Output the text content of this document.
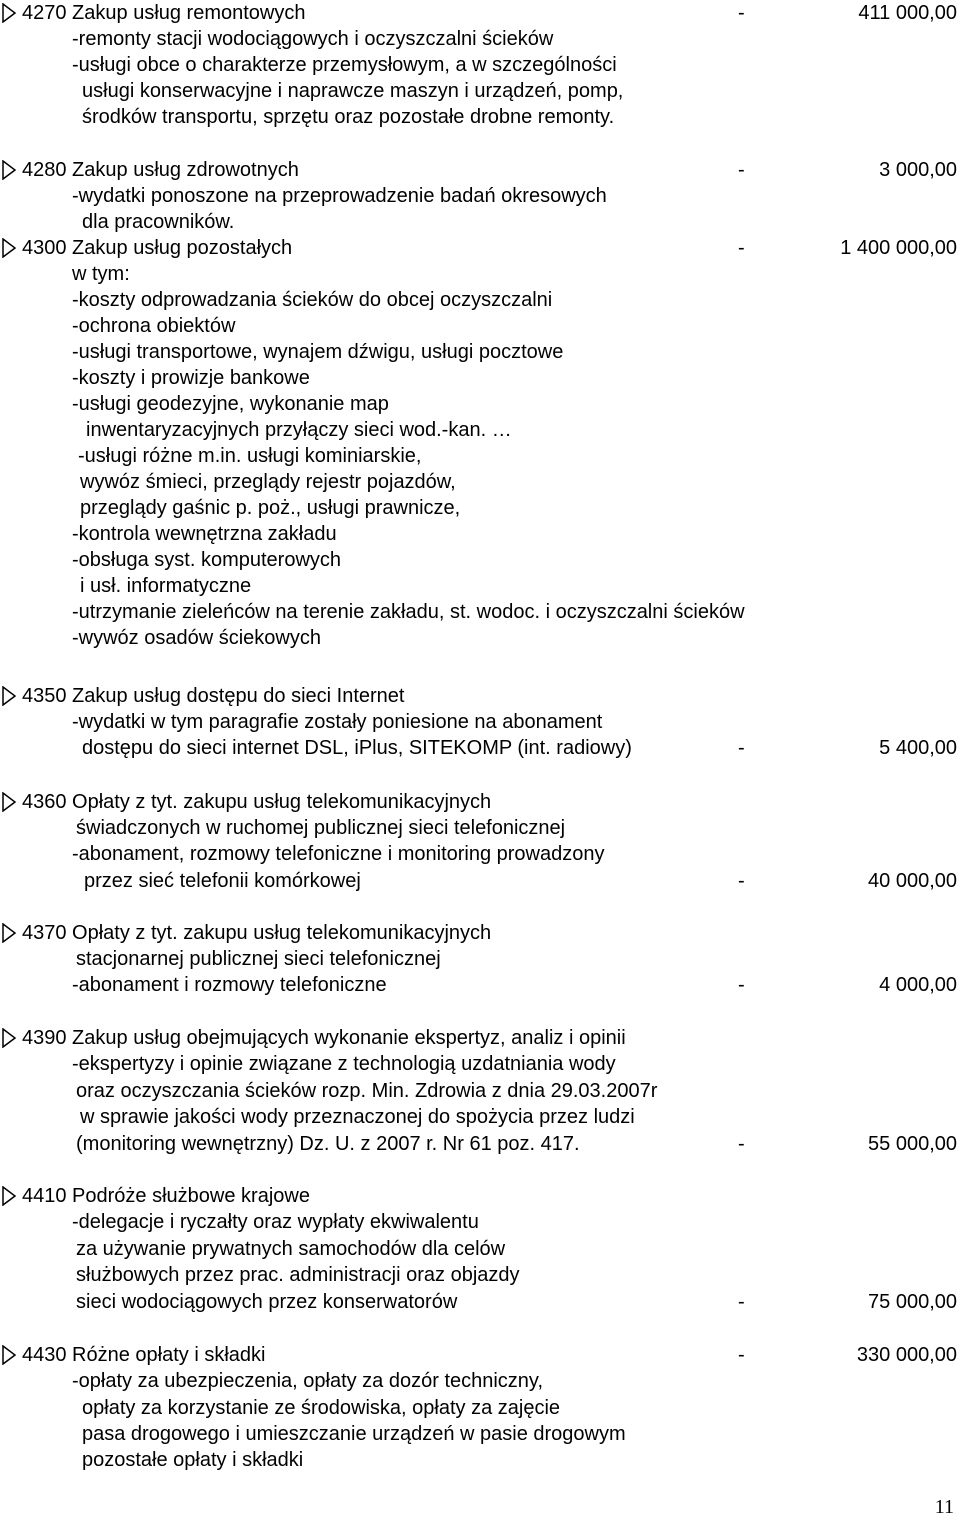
4270 Zakup usług remontowych	-	411 000,00
-remonty stacji wodociągowych i oczyszczalni ścieków
-usługi obce o charakterze przemysłowym, a w szczególności
usługi konserwacyjne i naprawcze maszyn i urządzeń, pomp,
środków transportu, sprzętu oraz pozostałe drobne remonty.
4280 Zakup usług zdrowotnych	-	3 000,00
-wydatki ponoszone na przeprowadzenie badań okresowych
dla pracowników.
4300 Zakup usług pozostałych	-	1 400 000,00
w tym:
-koszty odprowadzania ścieków do obcej oczyszczalni
-ochrona obiektów
-usługi transportowe, wynajem dźwigu, usługi pocztowe
-koszty i prowizje bankowe
-usługi geodezyjne, wykonanie map
inwentaryzacyjnych przyłączy sieci wod.-kan. …
-usługi różne m.in. usługi kominiarskie,
wywóz śmieci, przeglądy rejestr pojazdów,
przeglądy gaśnic p. poż., usługi prawnicze,
-kontrola wewnętrzna zakładu
-obsługa syst. komputerowych
i usł. informatyczne
-utrzymanie zieleńców na terenie zakładu, st. wodoc. i oczyszczalni ścieków
-wywóz osadów ściekowych
4350 Zakup usług dostępu do sieci Internet
-wydatki w tym paragrafie zostały poniesione na abonament
dostępu do sieci internet DSL, iPlus, SITEKOMP (int. radiowy)	-	5 400,00
4360 Opłaty z tyt. zakupu usług telekomunikacyjnych
świadczonych w ruchomej publicznej sieci telefonicznej
-abonament, rozmowy telefoniczne i monitoring prowadzony
przez sieć telefonii komórkowej	-	40 000,00
4370 Opłaty z tyt. zakupu usług telekomunikacyjnych
stacjonarnej publicznej sieci telefonicznej
-abonament i rozmowy telefoniczne	-	4 000,00
4390 Zakup usług obejmujących wykonanie ekspertyz, analiz i opinii
-ekspertyzy i opinie związane z technologią uzdatniania wody
oraz oczyszczania ścieków rozp. Min. Zdrowia z dnia 29.03.2007r
w sprawie jakości wody przeznaczonej do spożycia przez ludzi
(monitoring wewnętrzny) Dz. U. z 2007 r. Nr 61 poz. 417.	-	55 000,00
4410 Podróże służbowe krajowe
-delegacje i ryczałty oraz wypłaty ekwiwalentu
za używanie prywatnych samochodów dla celów
służbowych przez prac. administracji oraz objazdy
sieci wodociągowych przez konserwatorów	-	75 000,00
4430 Różne opłaty i składki	-	330 000,00
-opłaty za ubezpieczenia, opłaty za dozór techniczny,
opłaty za korzystanie ze środowiska, opłaty za zajęcie
pasa drogowego i umieszczanie urządzeń w pasie drogowym
pozostałe opłaty i składki
11
